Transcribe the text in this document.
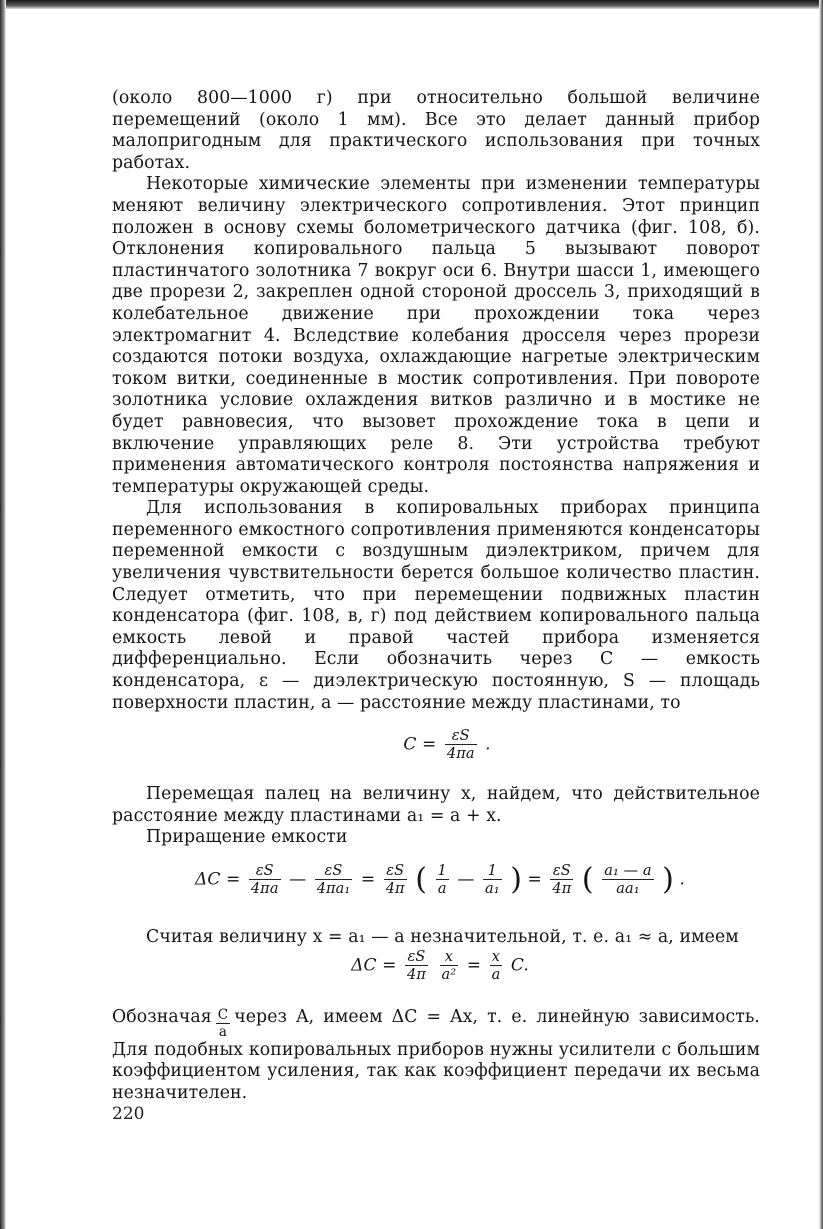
(около 800—1000 г) при относительно большой величине перемещений (около 1 мм). Все это делает данный прибор малопригодным для практического использования при точных работах.

Некоторые химические элементы при изменении температуры меняют величину электрического сопротивления. Этот принцип положен в основу схемы болометрического датчика (фиг. 108, б). Отклонения копировального пальца 5 вызывают поворот пластинчатого золотника 7 вокруг оси 6. Внутри шасси 1, имеющего две прорези 2, закреплен одной стороной дроссель 3, приходящий в колебательное движение при прохождении тока через электромагнит 4. Вследствие колебания дросселя через прорези создаются потоки воздуха, охлаждающие нагретые электрическим током витки, соединенные в мостик сопротивления. При повороте золотника условие охлаждения витков различно и в мостике не будет равновесия, что вызовет прохождение тока в цепи и включение управляющих реле 8. Эти устройства требуют применения автоматического контроля постоянства напряжения и температуры окружающей среды.

Для использования в копировальных приборах принципа переменного емкостного сопротивления применяются конденсаторы переменной емкости с воздушным диэлектриком, причем для увеличения чувствительности берется большое количество пластин. Следует отметить, что при перемещении подвижных пластин конденсатора (фиг. 108, в, г) под действием копировального пальца емкость левой и правой частей прибора изменяется дифференциально. Если обозначить через C — емкость конденсатора, ε — диэлектрическую постоянную, S — площадь поверхности пластин, a — расстояние между пластинами, то

$C = \frac{\varepsilon S}{4\pi a}$ .

Перемещая палец на величину x, найдем, что действительное расстояние между пластинами a₁ = a + x.

Приращение емкости

$\Delta C = \frac{\varepsilon S}{4\pi a}$ — $\frac{\varepsilon S}{\text{4πa₁}} = \frac{\varepsilon S}{4\pi}$ ( $\frac{1}{a}$ — $\frac{1}{\text{a₁}}$ ) = $\frac{\varepsilon S}{4\pi}$ ( $\frac{\text{a₁ — a}}{\text{aa₁}}$ ) .

Считая величину x = a₁ — a незначительной, т. е. a₁ ≈ a, имеем

$\Delta C = \frac{\varepsilon S}{4\pi}$
$\frac{x}{\text{a²}} = \frac{x}{a} C$.

Обозначая $\frac{C}{a}$ через A, имеем ΔC = Ax, т. е. линейную зависимость. Для подобных копировальных приборов нужны усилители с большим коэффициентом усиления, так как коэффициент передачи их весьма незначителен.

220
